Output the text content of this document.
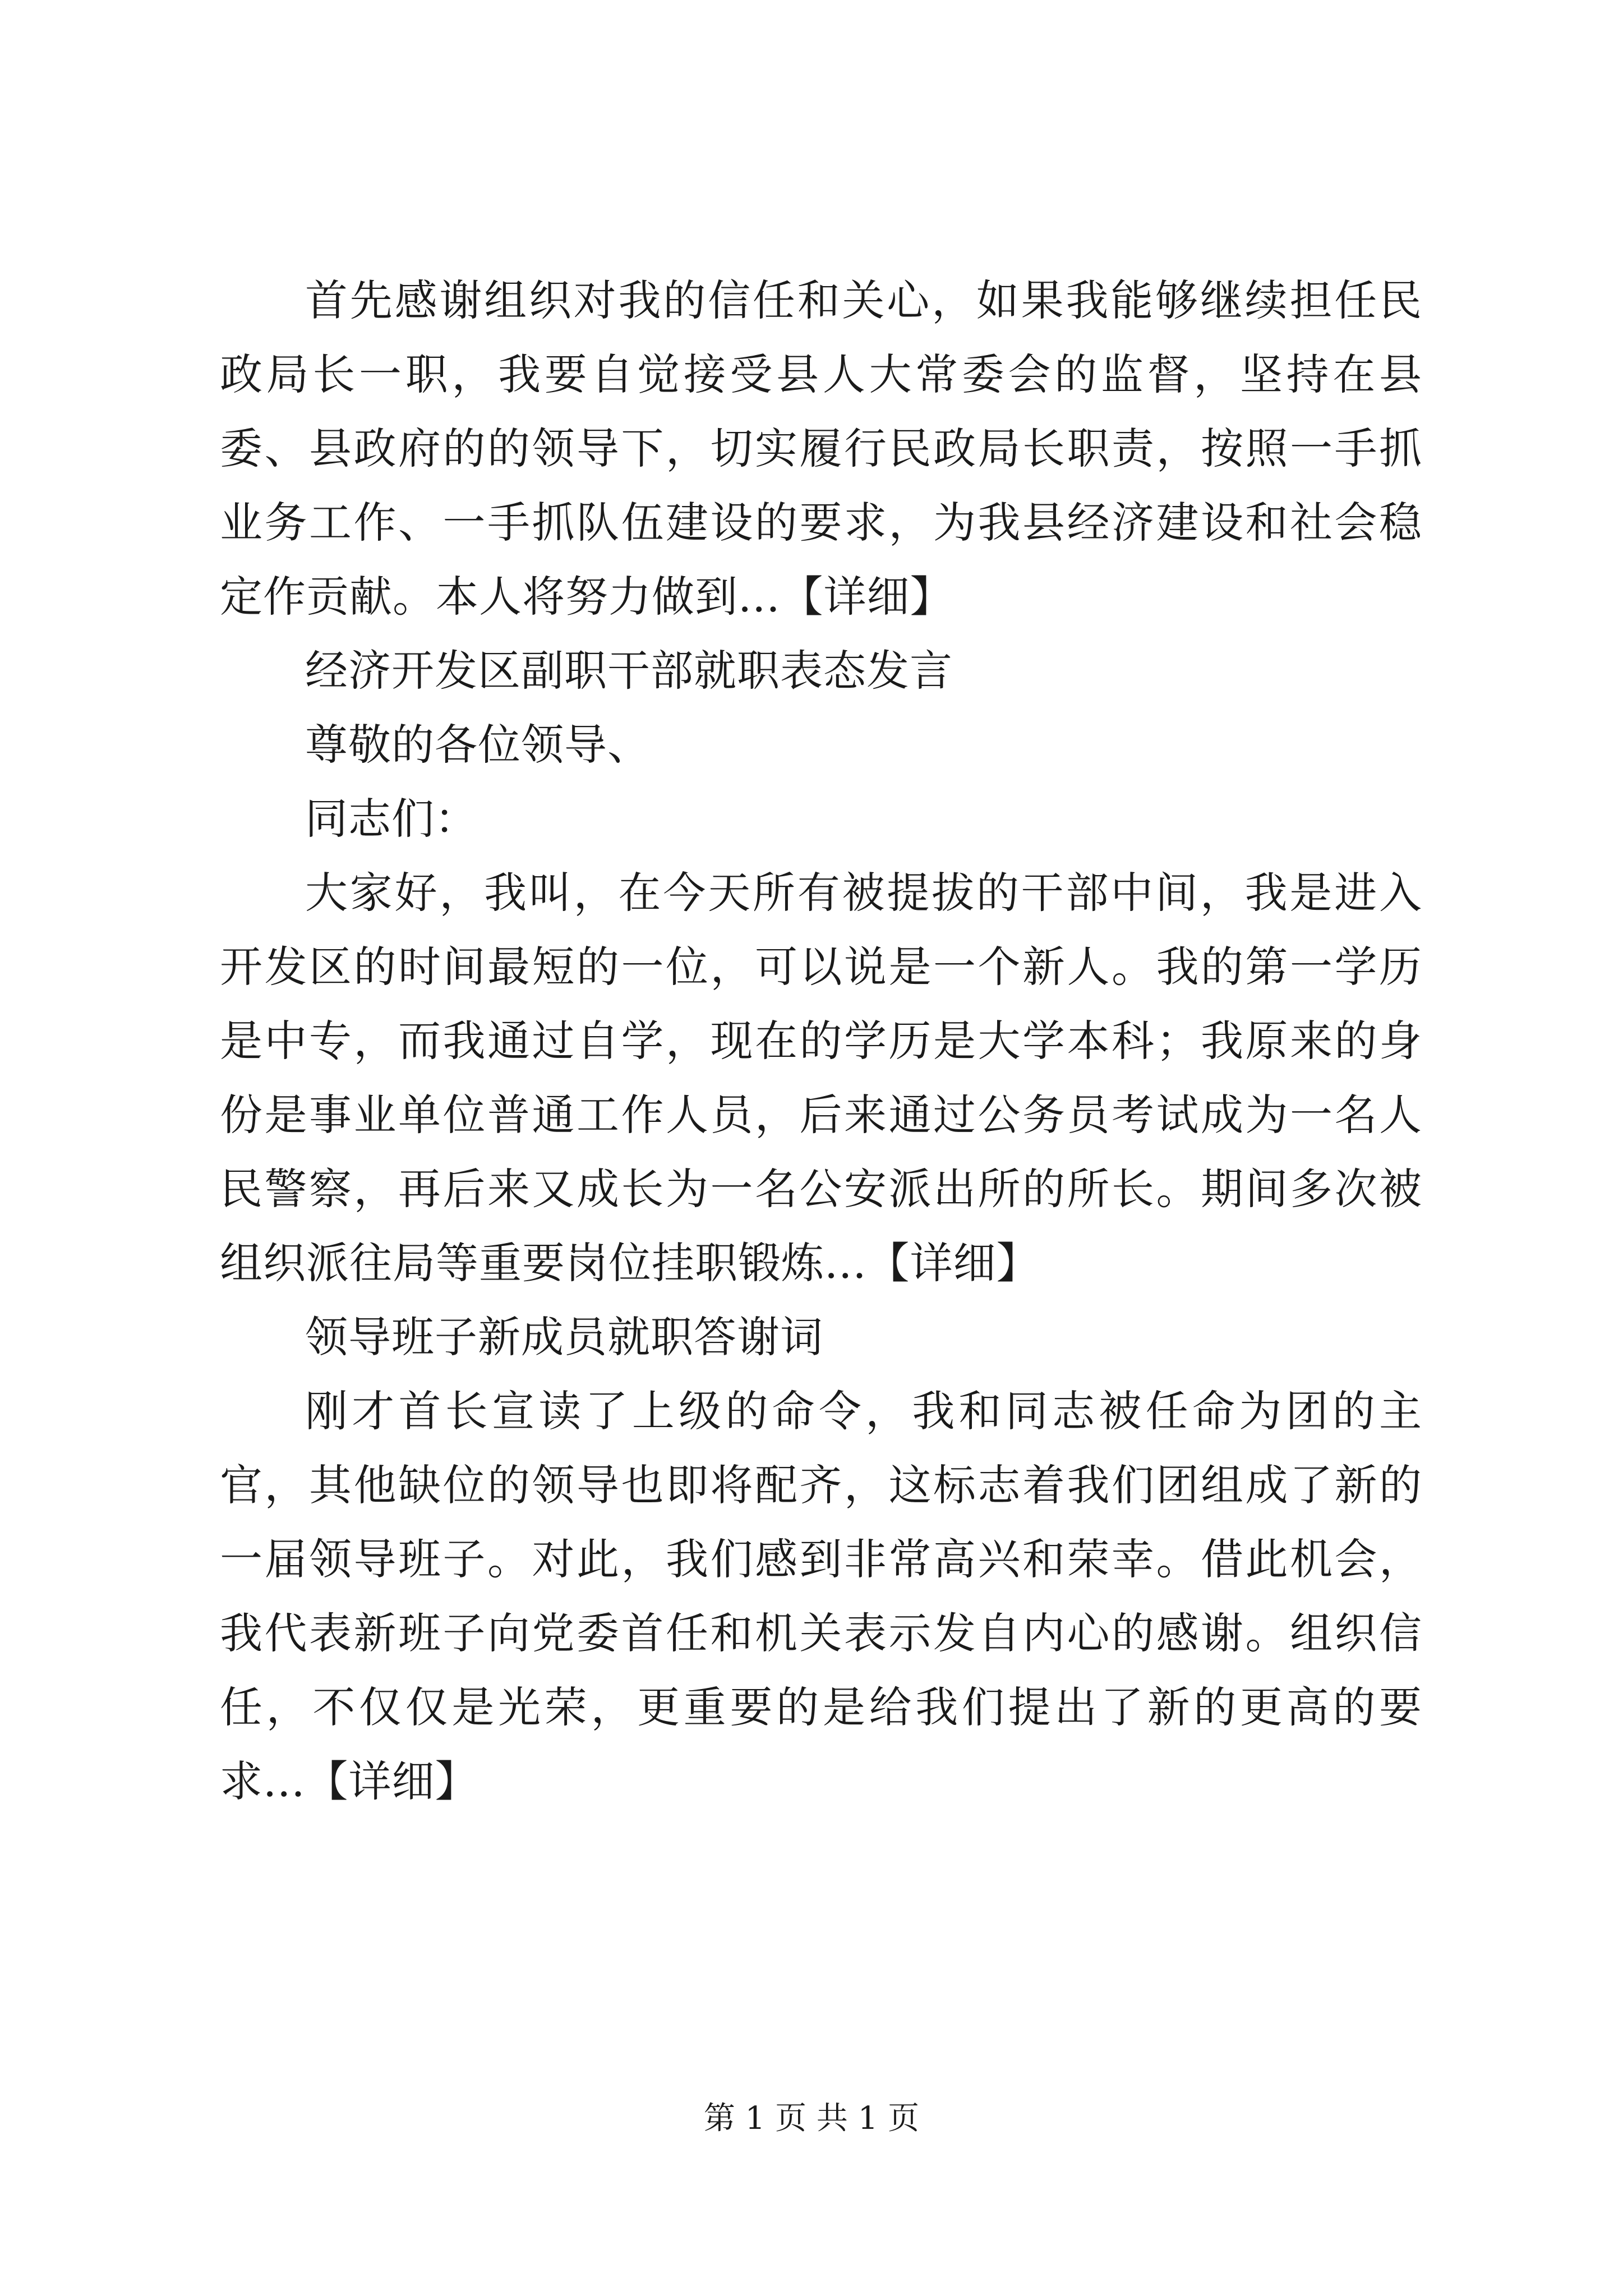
首先感谢组织对我的信任和关心，如果我能够继续担任民政局长一职，我要自觉接受县人大常委会的监督，坚持在县委、县政府的的领导下，切实履行民政局长职责，按照一手抓业务工作、一手抓队伍建设的要求，为我县经济建设和社会稳定作贡献。本人将努力做到...【详细】

经济开发区副职干部就职表态发言

尊敬的各位领导、

同志们：

大家好，我叫，在今天所有被提拔的干部中间，我是进入开发区的时间最短的一位，可以说是一个新人。我的第一学历是中专，而我通过自学，现在的学历是大学本科；我原来的身份是事业单位普通工作人员，后来通过公务员考试成为一名人民警察，再后来又成长为一名公安派出所的所长。期间多次被组织派往局等重要岗位挂职锻炼...【详细】

领导班子新成员就职答谢词

刚才首长宣读了上级的命令，我和同志被任命为团的主官，其他缺位的领导也即将配齐，这标志着我们团组成了新的一届领导班子。对此，我们感到非常高兴和荣幸。借此机会，我代表新班子向党委首任和机关表示发自内心的感谢。组织信任，不仅仅是光荣，更重要的是给我们提出了新的更高的要求...【详细】

第 1 页 共 1 页
